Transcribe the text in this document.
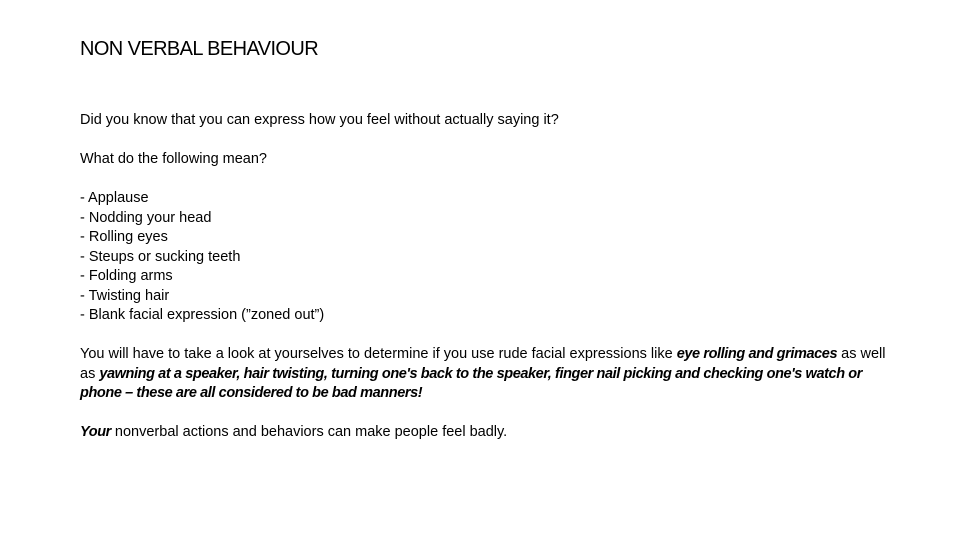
NON VERBAL BEHAVIOUR

Did you know that you can express how you feel without actually saying it?

What do the following mean?

- Applause
- Nodding your head
- Rolling eyes
- Steups or sucking teeth
- Folding arms
- Twisting hair
- Blank facial expression (”zoned out”)

You will have to take a look at yourselves to determine if you use rude facial expressions like eye rolling and grimaces as well as yawning at a speaker, hair twisting, turning one's back to the speaker, finger nail picking and checking one's watch or phone – these are all considered to be bad manners!

Your nonverbal actions and behaviors can make people feel badly.
